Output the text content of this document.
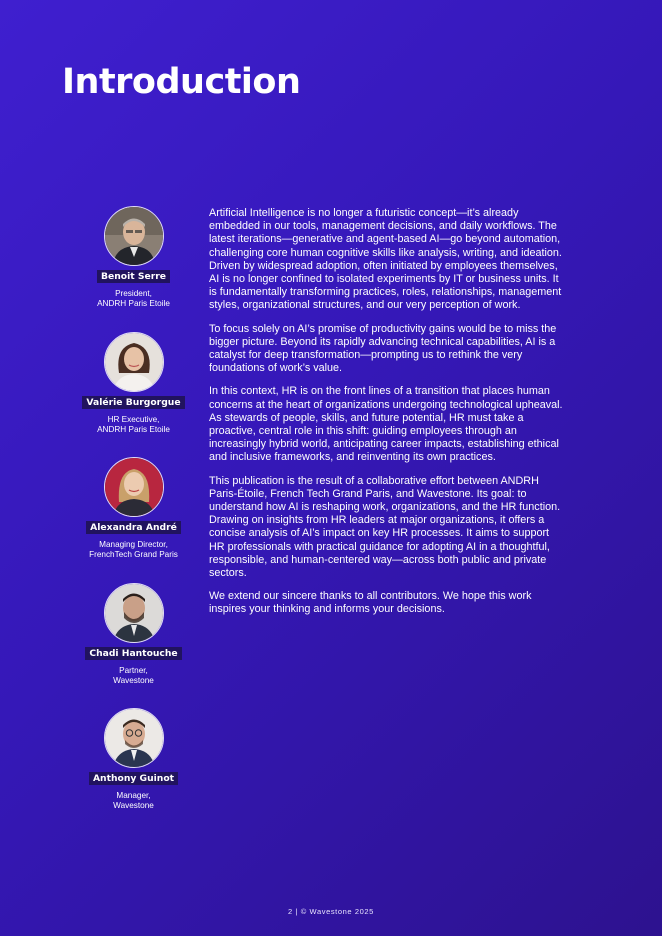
Introduction
Benoit Serre
President,
ANDRH Paris Etoile
Valérie Burgorgue
HR Executive,
ANDRH Paris Etoile
Alexandra André
Managing Director,
FrenchTech Grand Paris
Chadi Hantouche
Partner,
Wavestone
Anthony Guinot
Manager,
Wavestone

Artificial Intelligence is no longer a futuristic concept—it’s already embedded in our tools, management decisions, and daily workflows. The latest iterations—generative and agent-based AI—go beyond automation, challenging core human cognitive skills like analysis, writing, and ideation. Driven by widespread adoption, often initiated by employees themselves, AI is no longer confined to isolated experiments by IT or business units. It is fundamentally transforming practices, roles, relationships, management styles, organizational structures, and our very perception of work.

To focus solely on AI’s promise of productivity gains would be to miss the bigger picture. Beyond its rapidly advancing technical capabilities, AI is a catalyst for deep transformation—prompting us to rethink the very foundations of work’s value.

In this context, HR is on the front lines of a transition that places human concerns at the heart of organizations undergoing technological upheaval. As stewards of people, skills, and future potential, HR must take a proactive, central role in this shift: guiding employees through an increasingly hybrid world, anticipating career impacts, establishing ethical and inclusive frameworks, and reinventing its own practices.

This publication is the result of a collaborative effort between ANDRH Paris-Étoile, French Tech Grand Paris, and Wavestone. Its goal: to understand how AI is reshaping work, organizations, and the HR function. Drawing on insights from HR leaders at major organizations, it offers a concise analysis of AI’s impact on key HR processes. It aims to support HR professionals with practical guidance for adopting AI in a thoughtful, responsible, and human-centered way—across both public and private sectors.

We extend our sincere thanks to all contributors. We hope this work inspires your thinking and informs your decisions.

2 | © Wavestone 2025
